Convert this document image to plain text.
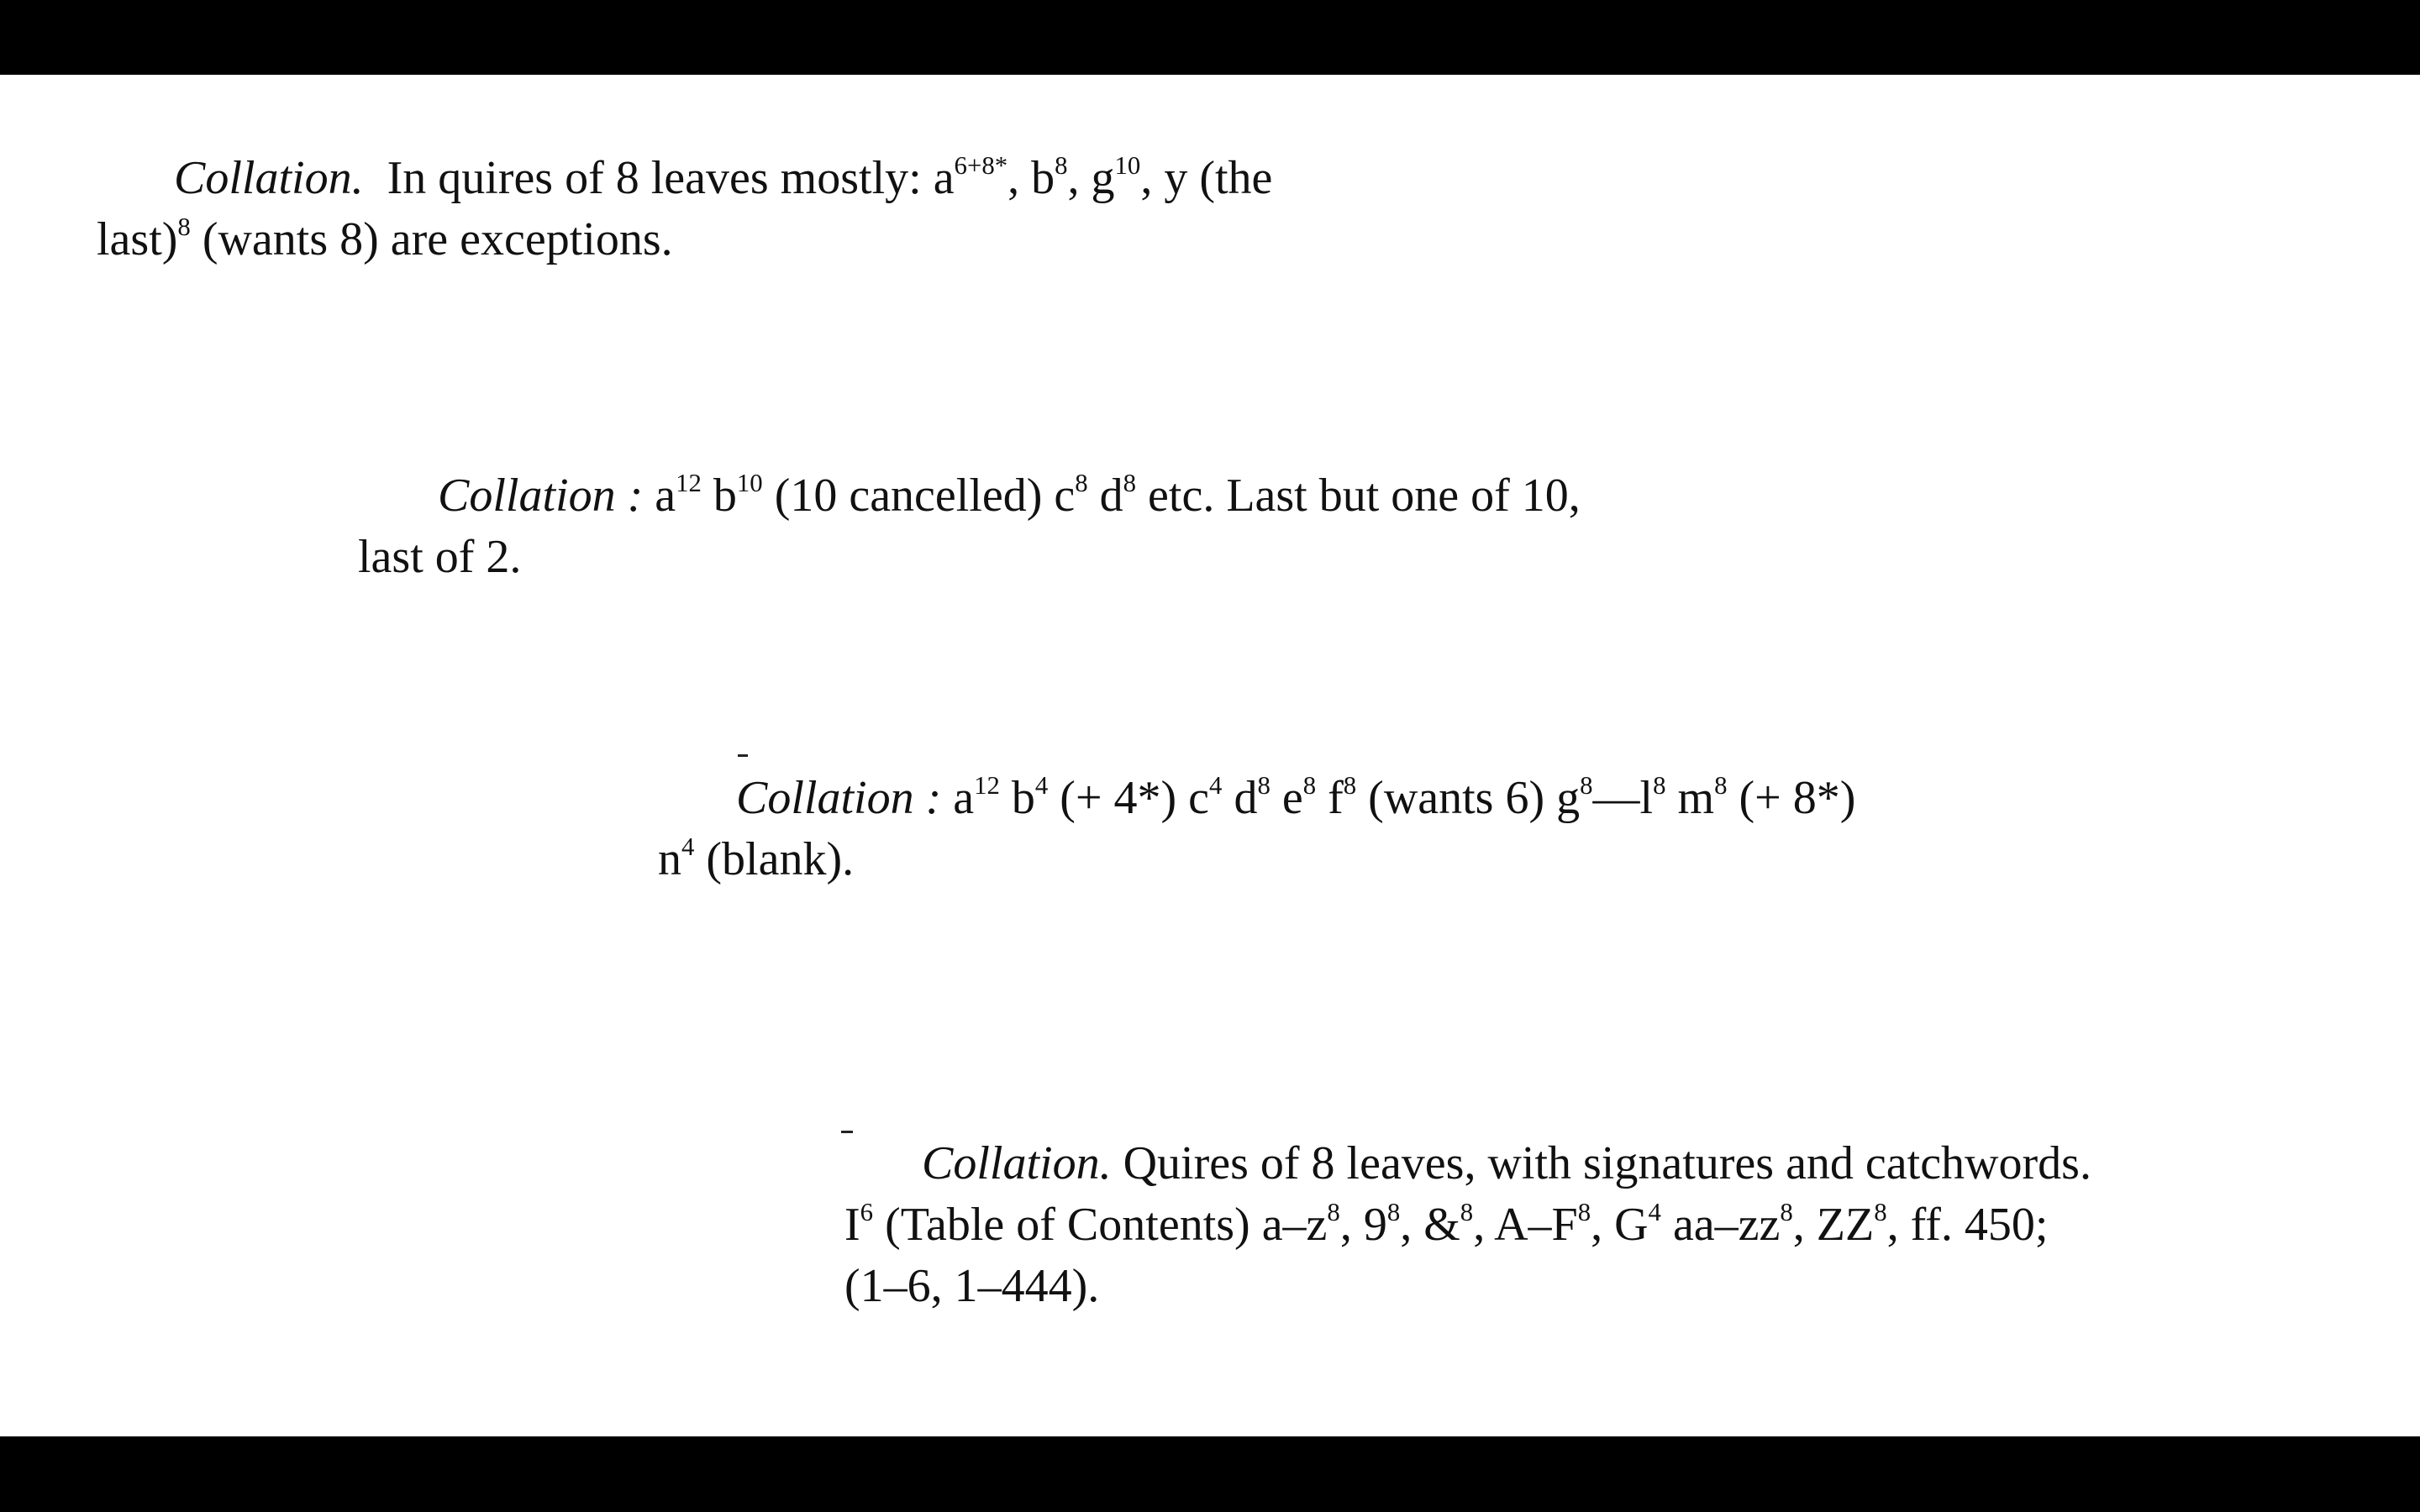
Collation. In quires of 8 leaves mostly: $a^{6+8*}$, $b^8$, $g^{10}$, y (the
last)$^8$ (wants 8) are exceptions.
Collation : $a^{12}$ $b^{10}$ (10 cancelled) $c^8$ $d^8$ etc. Last but one of 10,
last of 2.
Collation : $a^{12}$ $b^4$ (+ 4*) $c^4$ $d^8$ $e^8$ $f^8$ (wants 6) $g^8—l^8$ $m^8$ (+ 8*)
$n^4$ (blank).
Collation. Quires of 8 leaves, with signatures and catchwords.
$I^6$ (Table of Contents) $a-z^8$, $9^8$, &$^8$, $A-F^8$, $G^4$ $aa-zz^8$, $ZZ^8$, ff. 450;
(1–6, 1–444).
